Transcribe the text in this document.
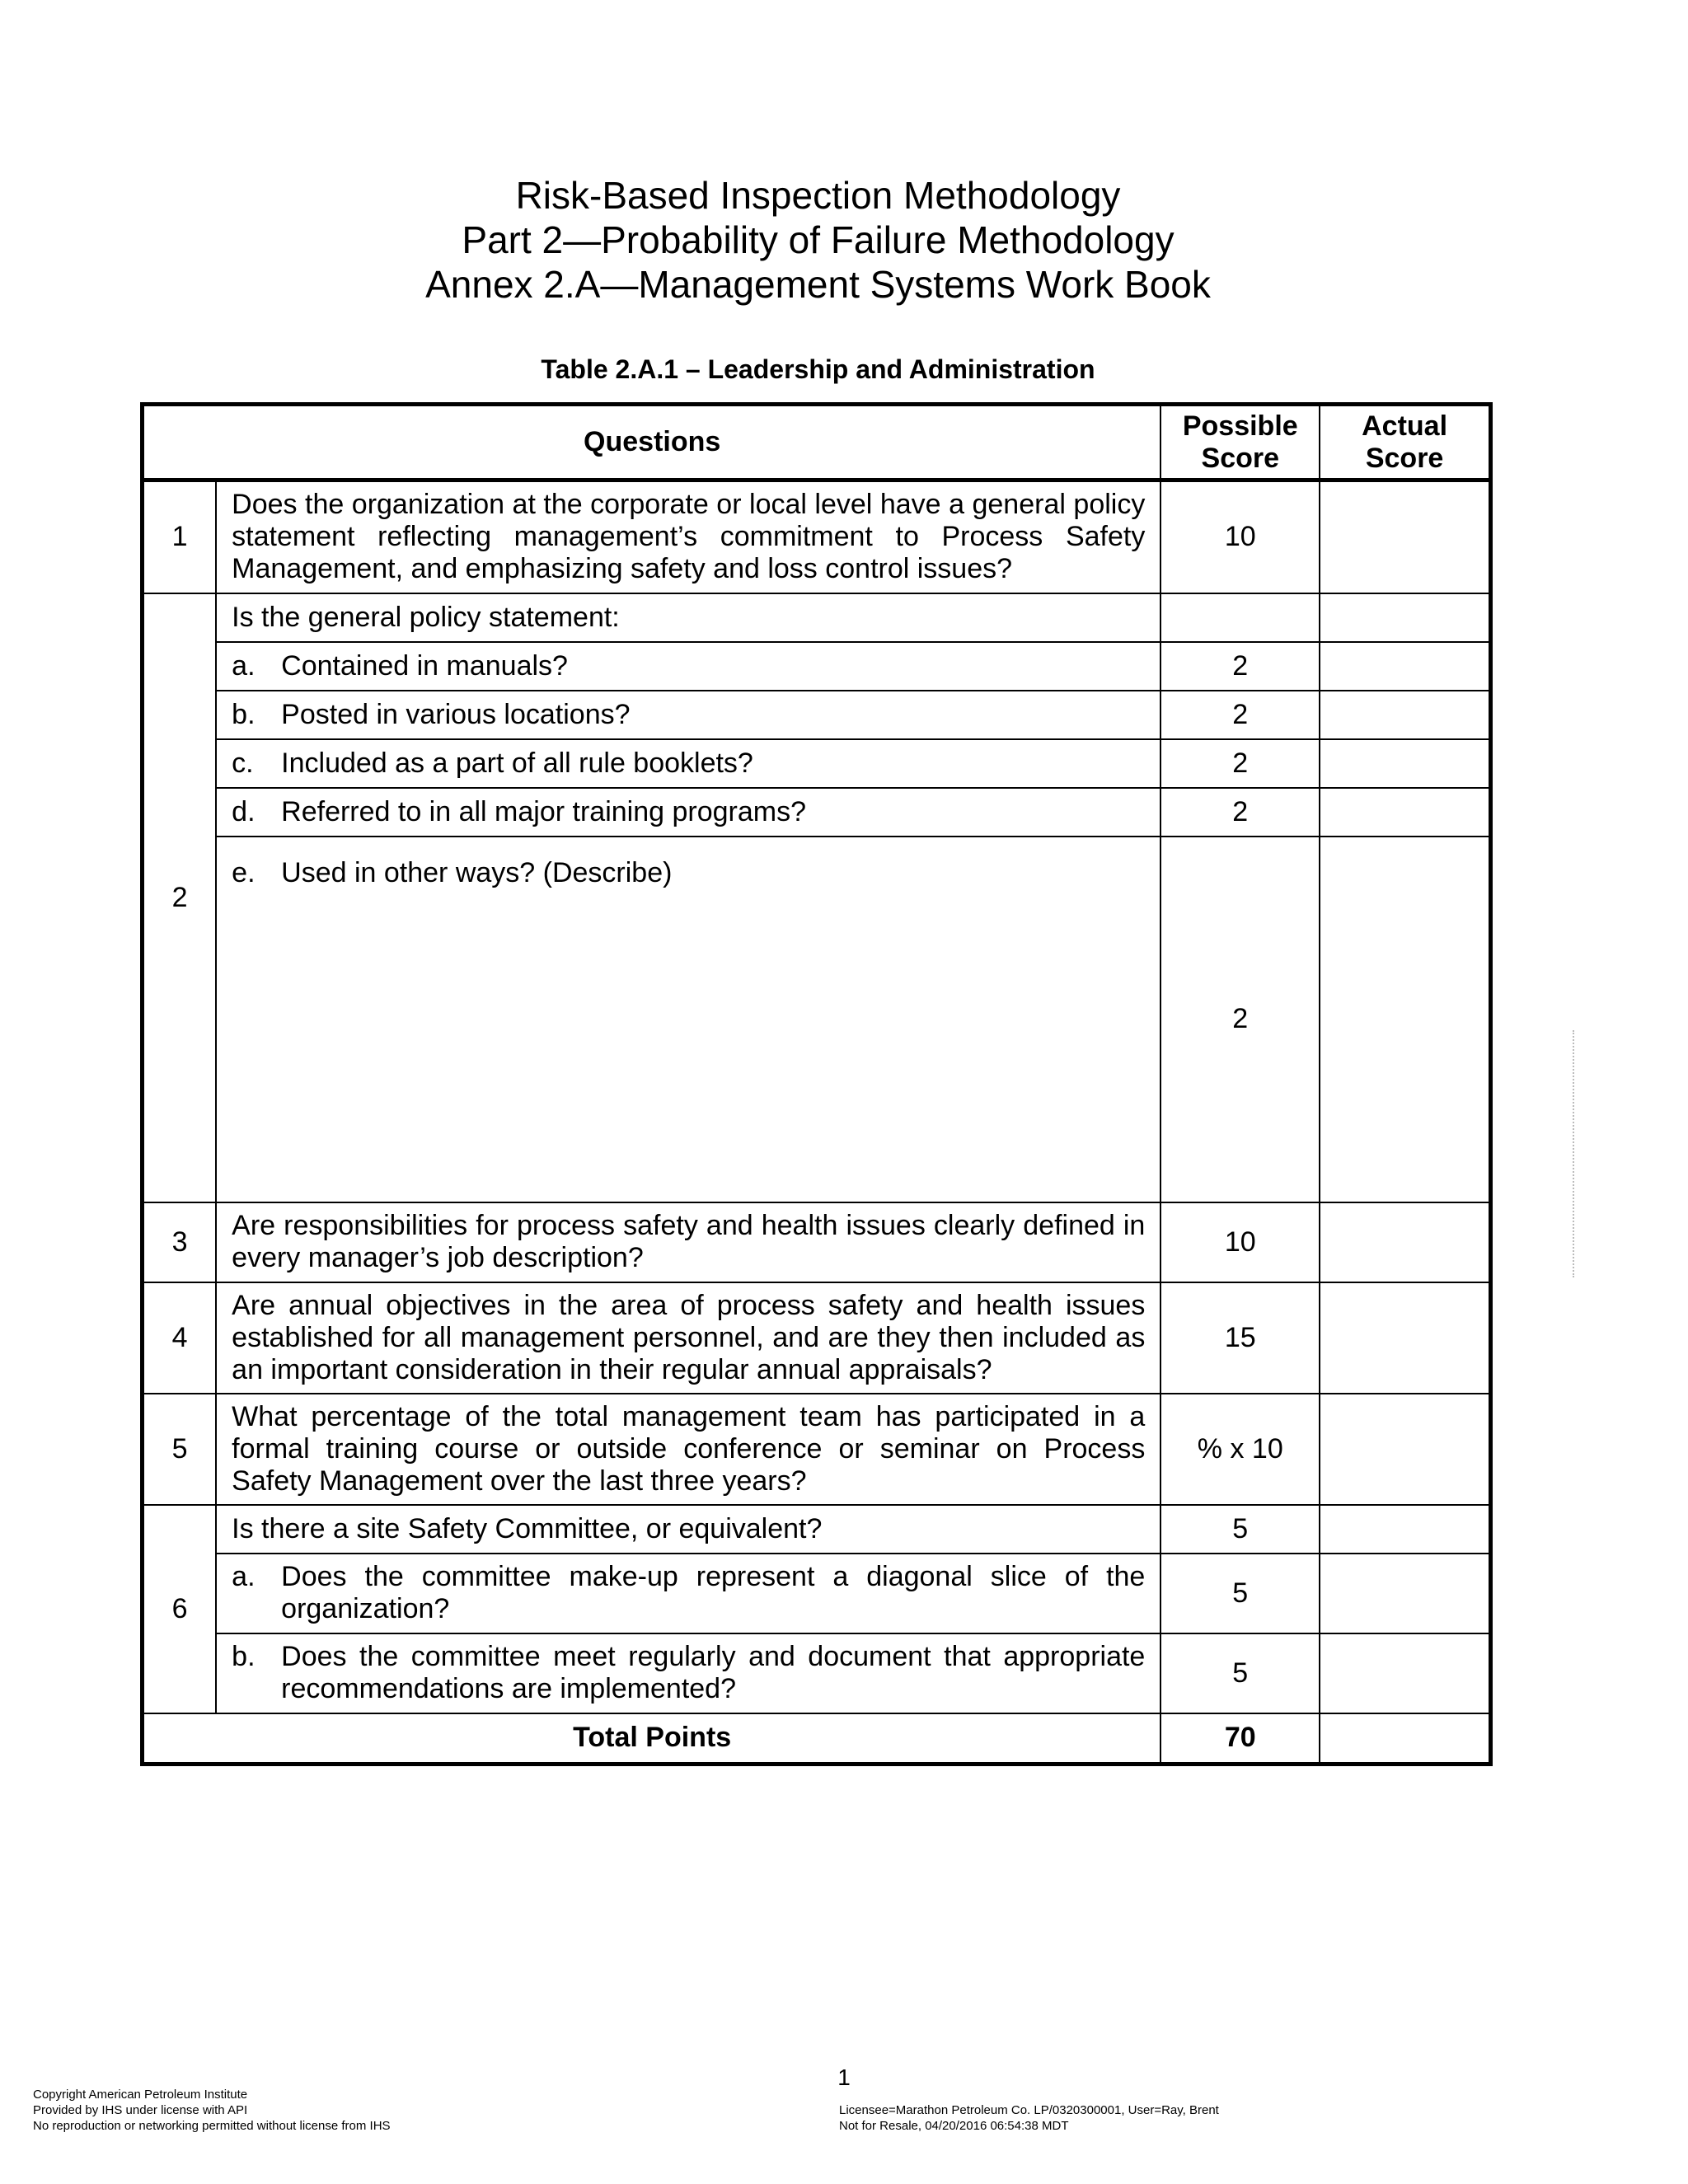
Risk-Based Inspection Methodology
Part 2—Probability of Failure Methodology
Annex 2.A—Management Systems Work Book
Table 2.A.1 – Leadership and Administration
Questions		Possible Score	Actual Score
1	Does the organization at the corporate or local level have a general policy statement reflecting management’s commitment to Process Safety Management, and emphasizing safety and loss control issues?	10	
2	Is the general policy statement:		

	a. Contained in manuals?	2	

	b. Posted in various locations?	2	

	c. Included as a part of all rule booklets?	2	

	d. Referred to in all major training programs?	2	

	e. Used in other ways? (Describe)	2	
3	Are responsibilities for process safety and health issues clearly defined in every manager’s job description?	10	
4	Are annual objectives in the area of process safety and health issues established for all management personnel, and are they then included as an important consideration in their regular annual appraisals?	15	
5	What percentage of the total management team has participated in a formal training course or outside conference or seminar on Process Safety Management over the last three years?	% x 10	
6	Is there a site Safety Committee, or equivalent?	5	

	a. Does the committee make-up represent a diagonal slice of the organization?	5	

	b. Does the committee meet regularly and document that appropriate recommendations are implemented?	5	
Total Points		70	
1
Copyright American Petroleum Institute
Provided by IHS under license with API
No reproduction or networking permitted without license from IHS
Licensee=Marathon Petroleum Co. LP/0320300001, User=Ray, Brent
Not for Resale, 04/20/2016 06:54:38 MDT
